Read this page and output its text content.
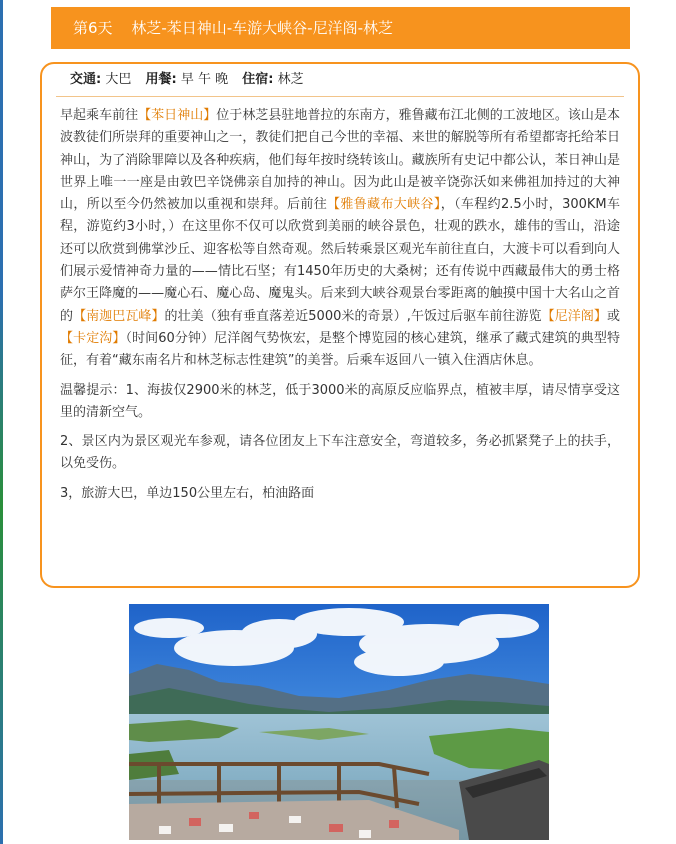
第6天 林芝-苯日神山-车游大峡谷-尼洋阁-林芝
交通: 大巴 用餐: 早 午 晚 住宿: 林芝

早起乘车前往【苯日神山】位于林芝县驻地普拉的东南方，雅鲁藏布江北侧的工波地区。该山是本波教徒们所崇拜的重要神山之一，教徒们把自己今世的幸福、来世的解脱等所有希望都寄托给苯日神山，为了消除罪障以及各种疾病，他们每年按时绕转该山。藏族所有史记中都公认，苯日神山是世界上唯一一座是由敦巴辛饶佛亲自加持的神山。因为此山是被辛饶弥沃如来佛祖加持过的大神山，所以至今仍然被加以重视和崇拜。后前往【雅鲁藏布大峡谷】，（车程约2.5小时，300KM车程，游览约3小时，）在这里你不仅可以欣赏到美丽的峡谷景色，壮观的跌水，雄伟的雪山，沿途还可以欣赏到佛掌沙丘、迎客松等自然奇观。然后转乘景区观光车前往直白，大渡卡可以看到向人们展示爱情神奇力量的——情比石坚；有1450年历史的大桑树；还有传说中西藏最伟大的勇士格萨尔王降魔的——魔心石、魔心岛、魔鬼头。后来到大峡谷观景台零距离的触摸中国十大名山之首的【南迦巴瓦峰】的壮美（独有垂直落差近5000米的奇景）,午饭过后驱车前往游览【尼洋阁】或【卡定沟】（时间60分钟）尼洋阁气势恢宏，是整个博览园的核心建筑，继承了藏式建筑的典型特征，有着“藏东南名片和林芝标志性建筑”的美誉。后乘车返回八一镇入住酒店休息。

温馨提示：1、海拔仅2900米的林芝，低于3000米的高原反应临界点，植被丰厚，请尽情享受这里的清新空气。

2、景区内为景区观光车参观，请各位团友上下车注意安全，弯道较多，务必抓紧凳子上的扶手，以免受伤。

3，旅游大巴，单边150公里左右，柏油路面
